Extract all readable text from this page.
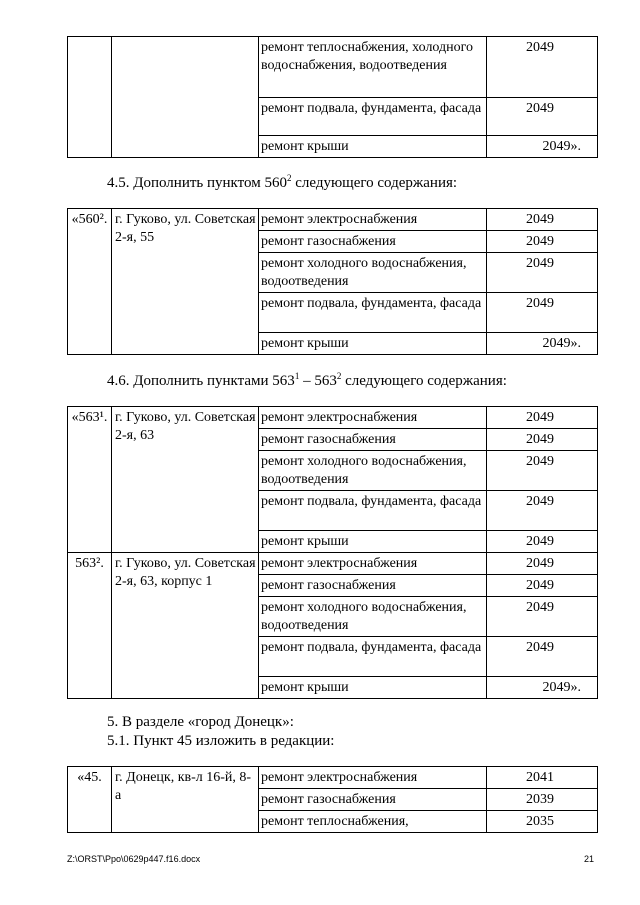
		ремонт теплоснабжения, холодного водоснабжения, водоотведения	2049
		ремонт подвала, фундамента, фасада	2049
		ремонт крыши	2049».
4.5. Дополнить пунктом $560^2$ следующего содержания:
«560².	г. Гуково, ул. Советская 2-я, 55	ремонт электроснабжения	2049
		ремонт газоснабжения	2049
		ремонт холодного водоснабжения, водоотведения	2049
		ремонт подвала, фундамента, фасада	2049
		ремонт крыши	2049».
4.6. Дополнить пунктами $563^1 - 563^2$ следующего содержания:
«563¹.	г. Гуково, ул. Советская 2-я, 63	ремонт электроснабжения	2049
		ремонт газоснабжения	2049
		ремонт холодного водоснабжения, водоотведения	2049
		ремонт подвала, фундамента, фасада	2049
		ремонт крыши	2049
563².	г. Гуково, ул. Советская 2-я, 63, корпус 1	ремонт электроснабжения	2049
		ремонт газоснабжения	2049
		ремонт холодного водоснабжения, водоотведения	2049
		ремонт подвала, фундамента, фасада	2049
		ремонт крыши	2049».
5. В разделе «город Донецк»:
5.1. Пункт 45 изложить в редакции:
«45.	г. Донецк, кв-л 16-й, 8-а	ремонт электроснабжения	2041
		ремонт газоснабжения	2039
		ремонт теплоснабжения,	2035
Z:\ORST\Ppo\0629p447.f16.docx	21
